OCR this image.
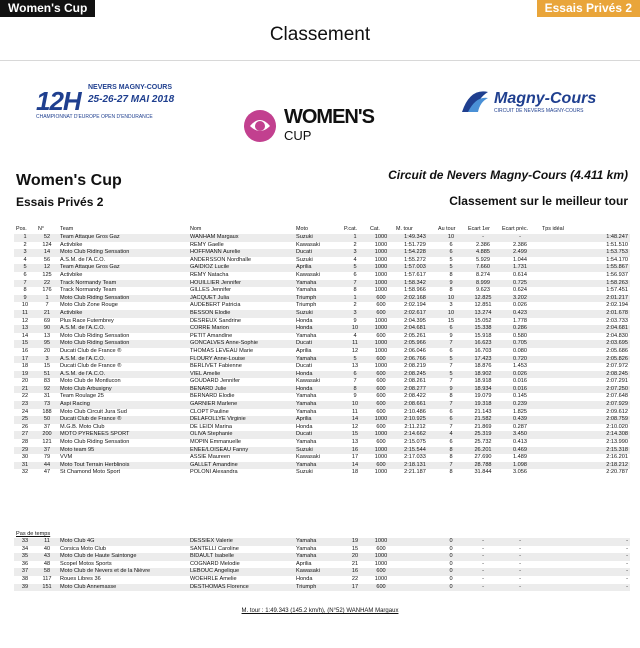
Women's Cup	Essais Privés 2
Classement
12H NEVERS MAGNY-COURS
25-26-27 MAI 2018
CHAMPIONNAT D'EUROPE OPEN D'ENDURANCE	WOMEN'S
CUP
Magny-Cours
CIRCUIT DE NEVERS MAGNY-COURS
Women's Cup
Essais Privés 2
Circuit de Nevers Magny-Cours (4.411 km)
Classement sur le meilleur tour
Pos.	N°	Team	Nom	Moto	P.cat.	Cat.	M. tour	Au tour	Ecart 1er	Ecart préc.	Tps idéal
1	52	Team Attaque Gros Gaz	WANHAM Margaux	Suzuki	1	1000	1:49.343	10	-	-	1:48.247
2	124	Activbike	REMY Gaelle	Kawasaki	2	1000	1:51.729	6	2.386	2.386	1:51.510
3	14	Moto Club Riding Sensation	HOFFMANN Aurelie	Ducati	3	1000	1:54.228	6	4.885	2.499	1:53.753
4	56	A.S.M. de l'A.C.O.	ANDERSSON Nordhalle	Suzuki	4	1000	1:55.272	5	5.929	1.044	1:54.170
5	12	Team Attaque Gros Gaz	GAIDIOZ Lucile	Aprilia	5	1000	1:57.003	5	7.660	1.731	1:55.867
6	125	Activbike	REMY Natacha	Kawasaki	6	1000	1:57.617	8	8.274	0.614	1:56.937
7	22	Track Normandy Team	HOUILLIER Jennifer	Yamaha	7	1000	1:58.342	9	8.999	0.725	1:58.263
8	176	Track Normandy Team	GILLES Jennifer	Yamaha	8	1000	1:58.966	8	9.623	0.624	1:57.451
9	1	Moto Club Riding Sensation	JACQUET Julia	Triumph	1	600	2:02.168	10	12.825	3.202	2:01.217
10	7	Moto Club Zone Rouge	AUDEBERT Patricia	Triumph	2	600	2:02.194	3	12.851	0.026	2:02.194
11	21	Activbike	BESSON Elodie	Suzuki	3	600	2:02.617	10	13.274	0.423	2:01.678
12	69	Plus Race Futembrey	DESREUX Sandrine	Honda	9	1000	2:04.395	15	15.052	1.778	2:03.733
13	90	A.S.M. de l'A.C.O.	CORRE Marion	Honda	10	1000	2:04.681	6	15.338	0.286	2:04.681
14	13	Moto Club Riding Sensation	PETIT Amandine	Yamaha	4	600	2:05.261	9	15.918	0.580	2:04.830
15	95	Moto Club Riding Sensation	GONCALVES Anne-Sophie	Ducati	11	1000	2:05.966	7	16.623	0.705	2:03.695
16	20	Ducati Club de France ®	THOMAS LEVEAU Marie	Aprilia	12	1000	2:06.046	6	16.703	0.080	2:05.686
17	3	A.S.M. de l'A.C.O.	FLOURY Anne-Louise	Yamaha	5	600	2:06.766	5	17.423	0.720	2:05.826
18	15	Ducati Club de France ®	BERLIVET Fabienne	Ducati	13	1000	2:08.219	7	18.876	1.453	2:07.972
19	51	A.S.M. de l'A.C.O.	VIEL Amelie	Honda	6	600	2:08.245	5	18.902	0.026	2:08.245
20	83	Moto Club de Montlucon	GOUDARD Jennifer	Kawasaki	7	600	2:08.261	7	18.918	0.016	2:07.291
21	92	Moto Club Arbusigny	BENARD Julie	Honda	8	600	2:08.277	9	18.934	0.016	2:07.250
22	31	Team Roulage 25	BERNARD Elodie	Yamaha	9	600	2:08.422	8	19.079	0.145	2:07.648
23	73	Aspi Racing	GARNIER Marlene	Yamaha	10	600	2:08.661	7	19.318	0.239	2:07.929
24	188	Moto Club Circuit Jura Sud	CLOPT Pauline	Yamaha	11	600	2:10.486	6	21.143	1.825	2:09.612
25	50	Ducati Club de France ®	DELAFOLLYE Virginie	Aprilia	14	1000	2:10.925	6	21.582	0.439	2:08.759
26	37	M.G.B. Moto Club	DE LEIDI Marina	Honda	12	600	2:11.212	7	21.869	0.287	2:10.020
27	200	MOTO PYRENEES SPORT	OLIVA Stephanie	Ducati	15	1000	2:14.662	4	25.319	3.450	2:14.308
28	121	Moto Club Riding Sensation	MOPIN Emmanuelle	Yamaha	13	600	2:15.075	6	25.732	0.413	2:13.990
29	37	Moto team 95	ENEE/LOISEAU Fanny	Suzuki	16	1000	2:15.544	8	26.201	0.469	2:15.318
30	79	VVM	ASSIE Maureen	Kawasaki	17	1000	2:17.033	8	27.690	1.489	2:16.201
31	44	Moto Tout Terrain Herblinois	GALLET Amandine	Yamaha	14	600	2:18.131	7	28.788	1.098	2:18.212
32	47	St Chamond Moto Sport	POLONI Alexandra	Suzuki	18	1000	2:21.187	8	31.844	3.056	2:20.787
Pas de temps
33	11	Moto Club 4G	DESSIEX Valerie	Yamaha	19	1000		0	-	-	-
34	40	Corsica Moto Club	SANTELLI Caroline	Yamaha	15	600		0	-	-	-
35	43	Moto Club de Haute Saintonge	BIDAULT Isabelle	Yamaha	20	1000		0	-	-	-
36	48	Scopel Motos Sports	COGNARD Melodie	Aprilia	21	1000		0	-	-	-
37	58	Moto Club de Nevers et de la Nièvre	LEBOUC Angelique	Kawasaki	16	600		0	-	-	-
38	117	Roues Libres 36	WOEHRLE Amelie	Honda	22	1000		0	-	-	-
39	151	Moto Club Annemasse	DESTHOMAS Florence	Triumph	17	600		0	-	-	-
M. tour : 1:49.343 (145.2 km/h), (N°52) WANHAM Margaux
